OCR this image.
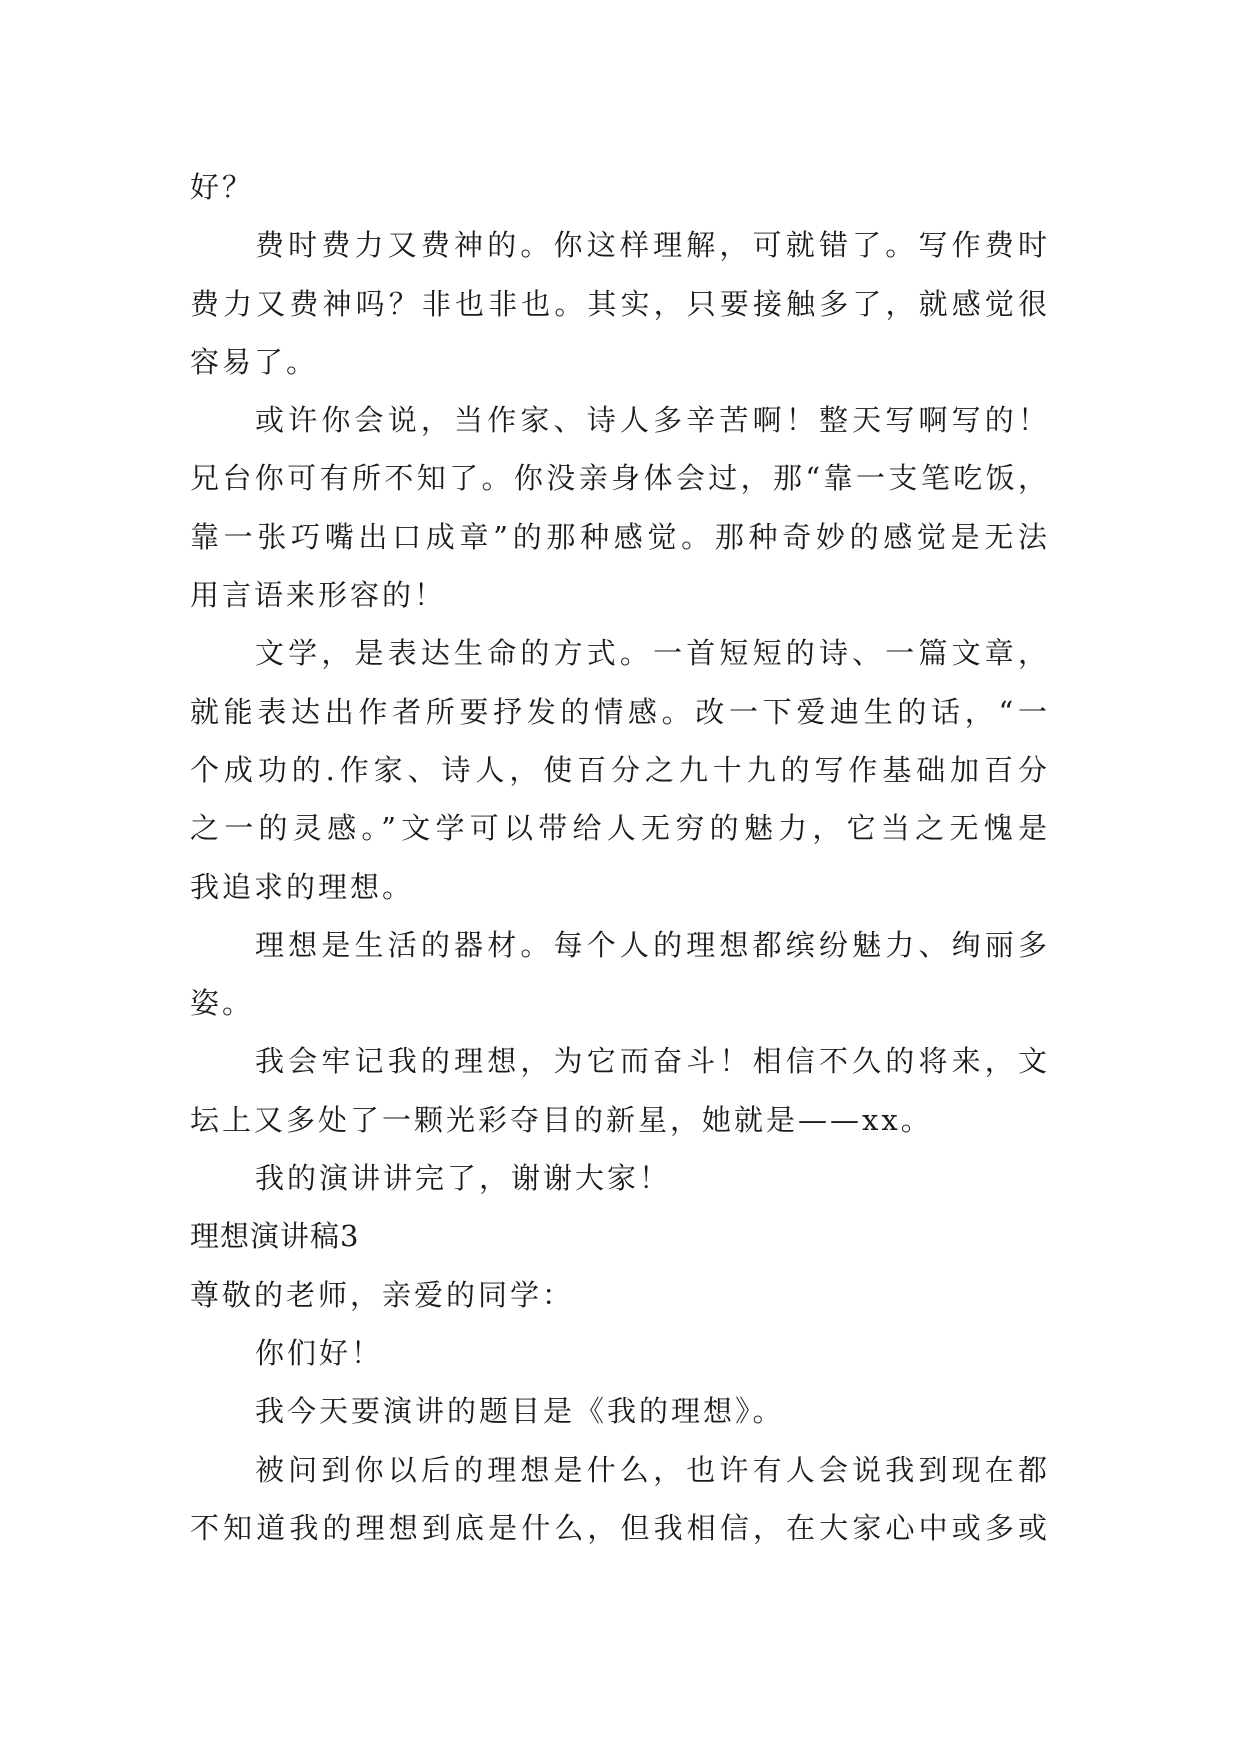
好？
费时费力又费神的。你这样理解，可就错了。写作费时
费力又费神吗？非也非也。其实，只要接触多了，就感觉很
容易了。
或许你会说，当作家、诗人多辛苦啊！整天写啊写的！
兄台你可有所不知了。你没亲身体会过，那“靠一支笔吃饭，
靠一张巧嘴出口成章”的那种感觉。那种奇妙的感觉是无法
用言语来形容的！
文学，是表达生命的方式。一首短短的诗、一篇文章，
就能表达出作者所要抒发的情感。改一下爱迪生的话，“一
个成功的.作家、诗人，使百分之九十九的写作基础加百分
之一的灵感。”文学可以带给人无穷的魅力，它当之无愧是
我追求的理想。
理想是生活的器材。每个人的理想都缤纷魅力、绚丽多
姿。
我会牢记我的理想，为它而奋斗！相信不久的将来，文
坛上又多处了一颗光彩夺目的新星，她就是——xx。
我的演讲讲完了，谢谢大家！
理想演讲稿3
尊敬的老师，亲爱的同学：
你们好！
我今天要演讲的题目是《我的理想》。
被问到你以后的理想是什么，也许有人会说我到现在都
不知道我的理想到底是什么，但我相信，在大家心中或多或
